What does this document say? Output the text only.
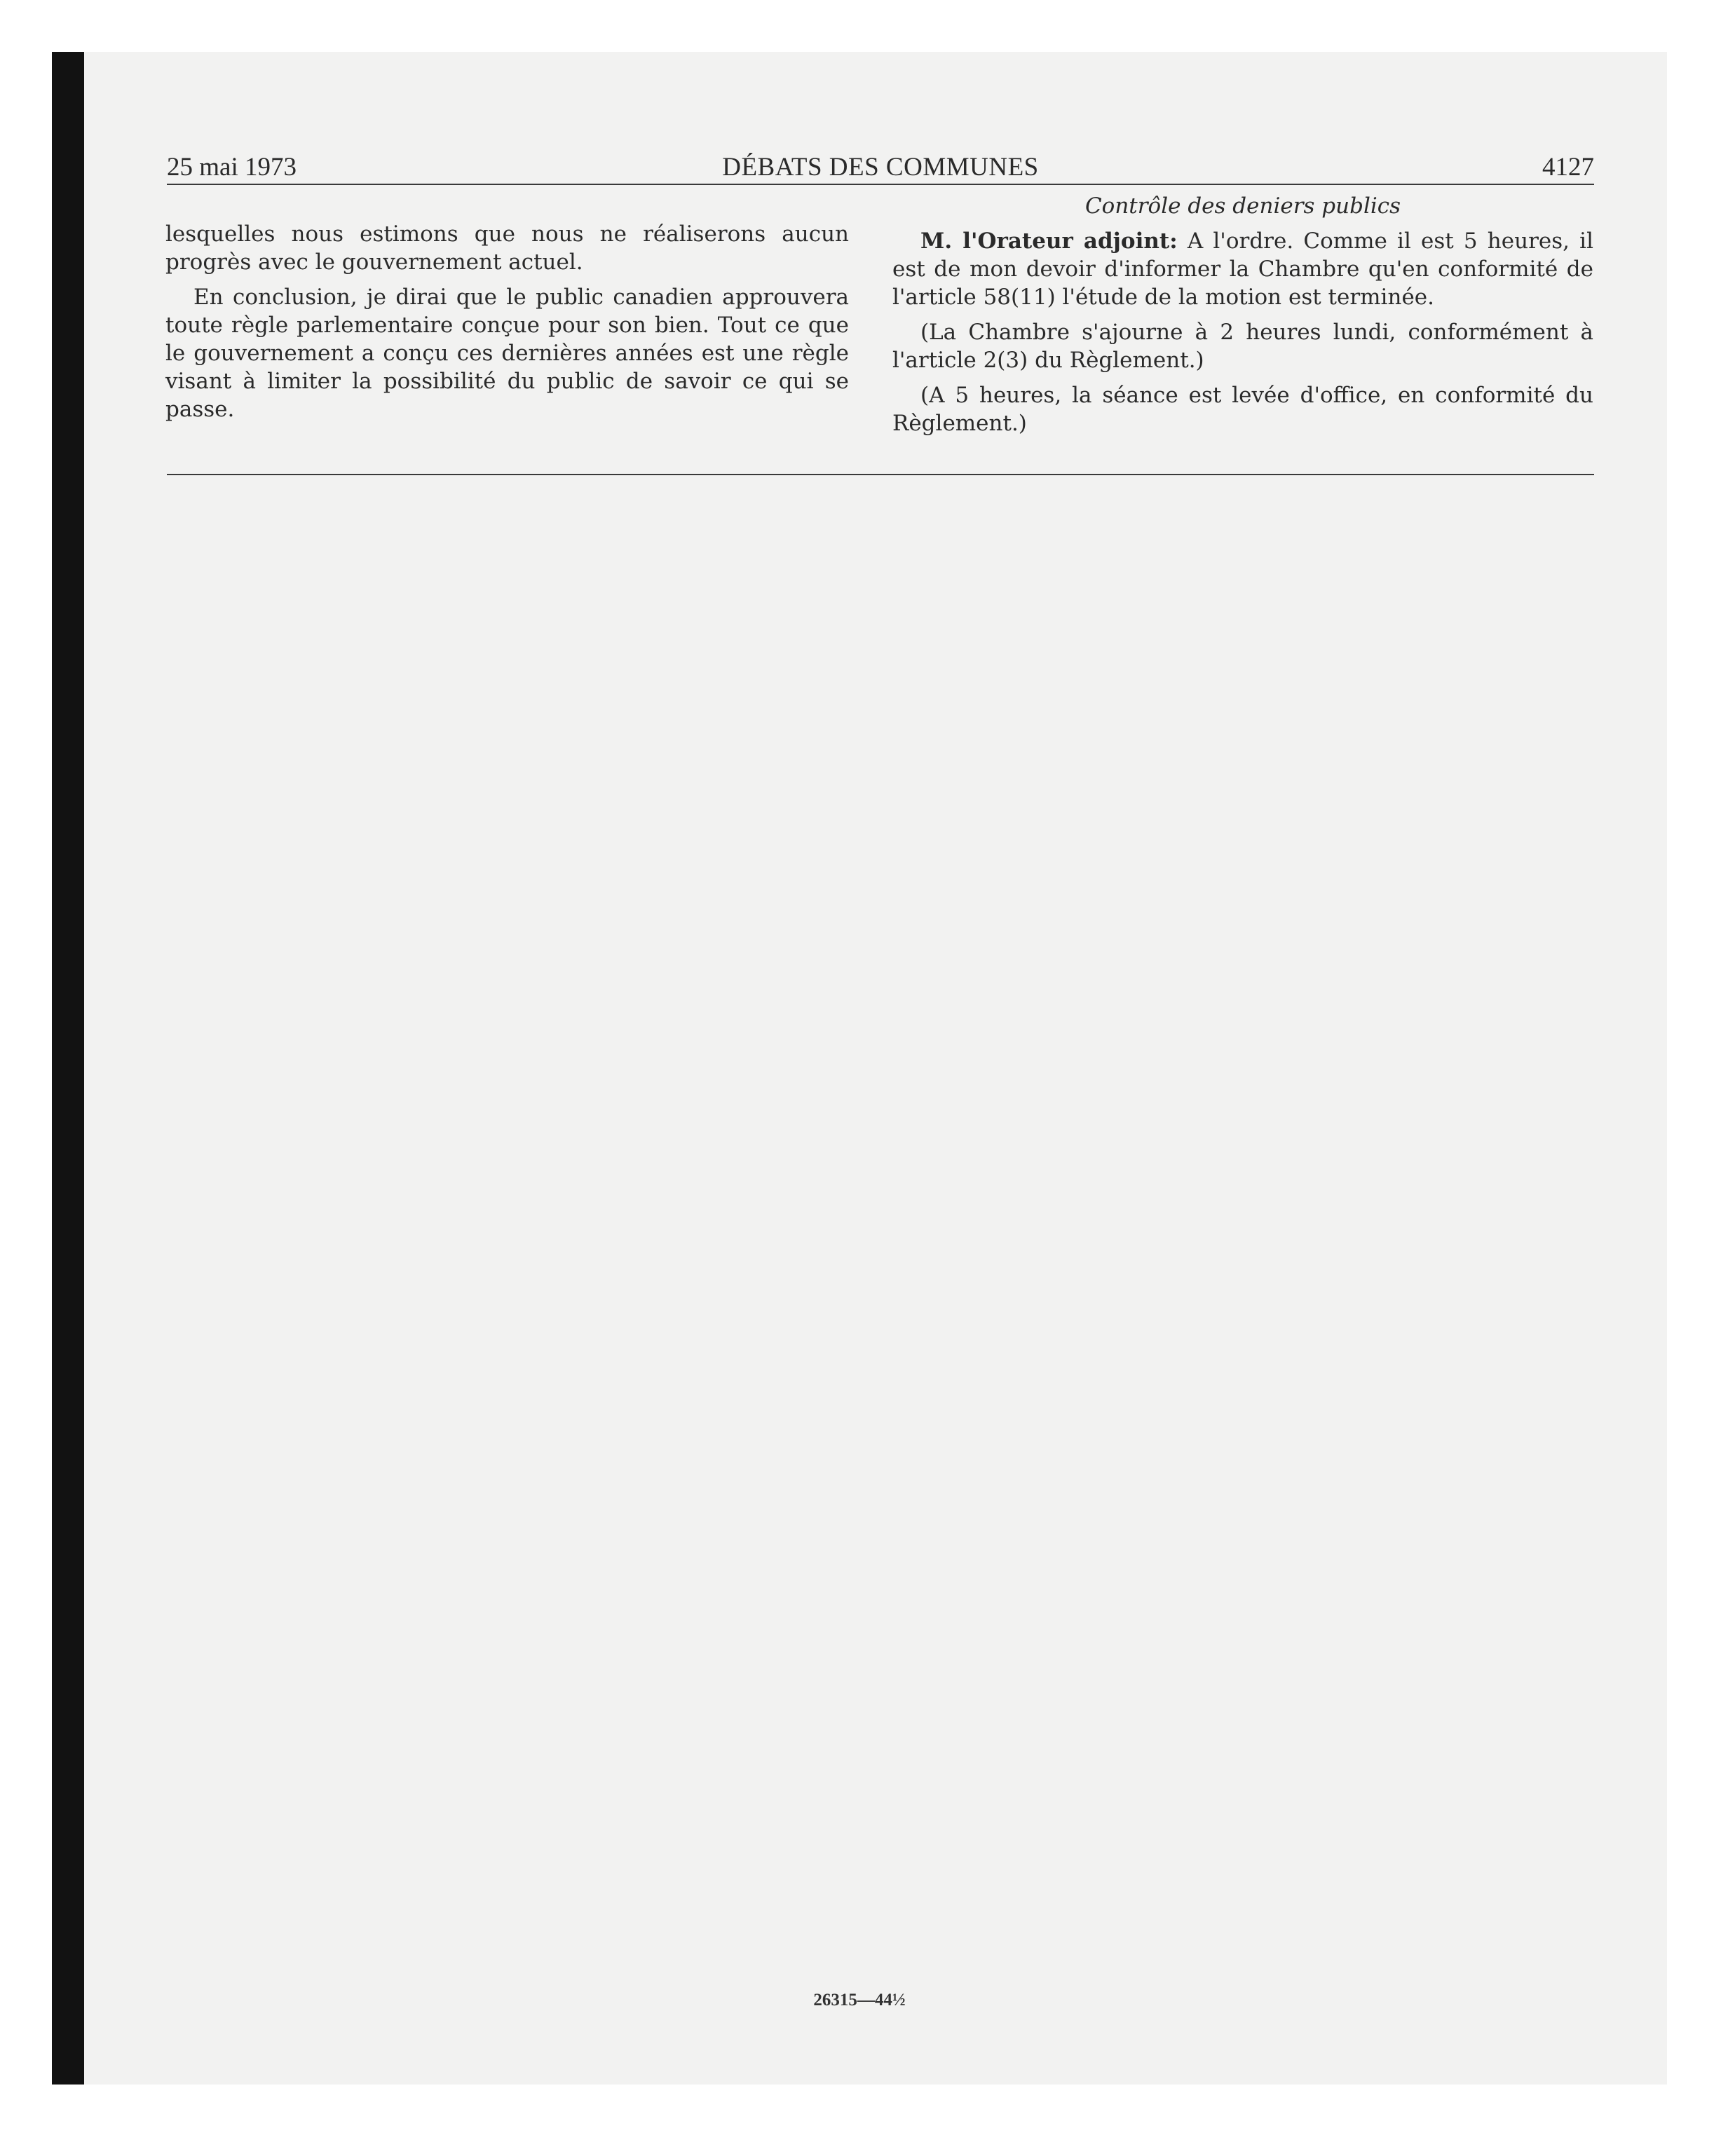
25 mai 1973	DÉBATS DES COMMUNES	4127

lesquelles nous estimons que nous ne réaliserons aucun progrès avec le gouvernement actuel.

En conclusion, je dirai que le public canadien approuvera toute règle parlementaire conçue pour son bien. Tout ce que le gouvernement a conçu ces dernières années est une règle visant à limiter la possibilité du public de savoir ce qui se passe.

Contrôle des deniers publics

M. l'Orateur adjoint: A l'ordre. Comme il est 5 heures, il est de mon devoir d'informer la Chambre qu'en conformité de l'article 58(11) l'étude de la motion est terminée.

(La Chambre s'ajourne à 2 heures lundi, conformément à l'article 2(3) du Règlement.)

(A 5 heures, la séance est levée d'office, en conformité du Règlement.)

26315—44½
